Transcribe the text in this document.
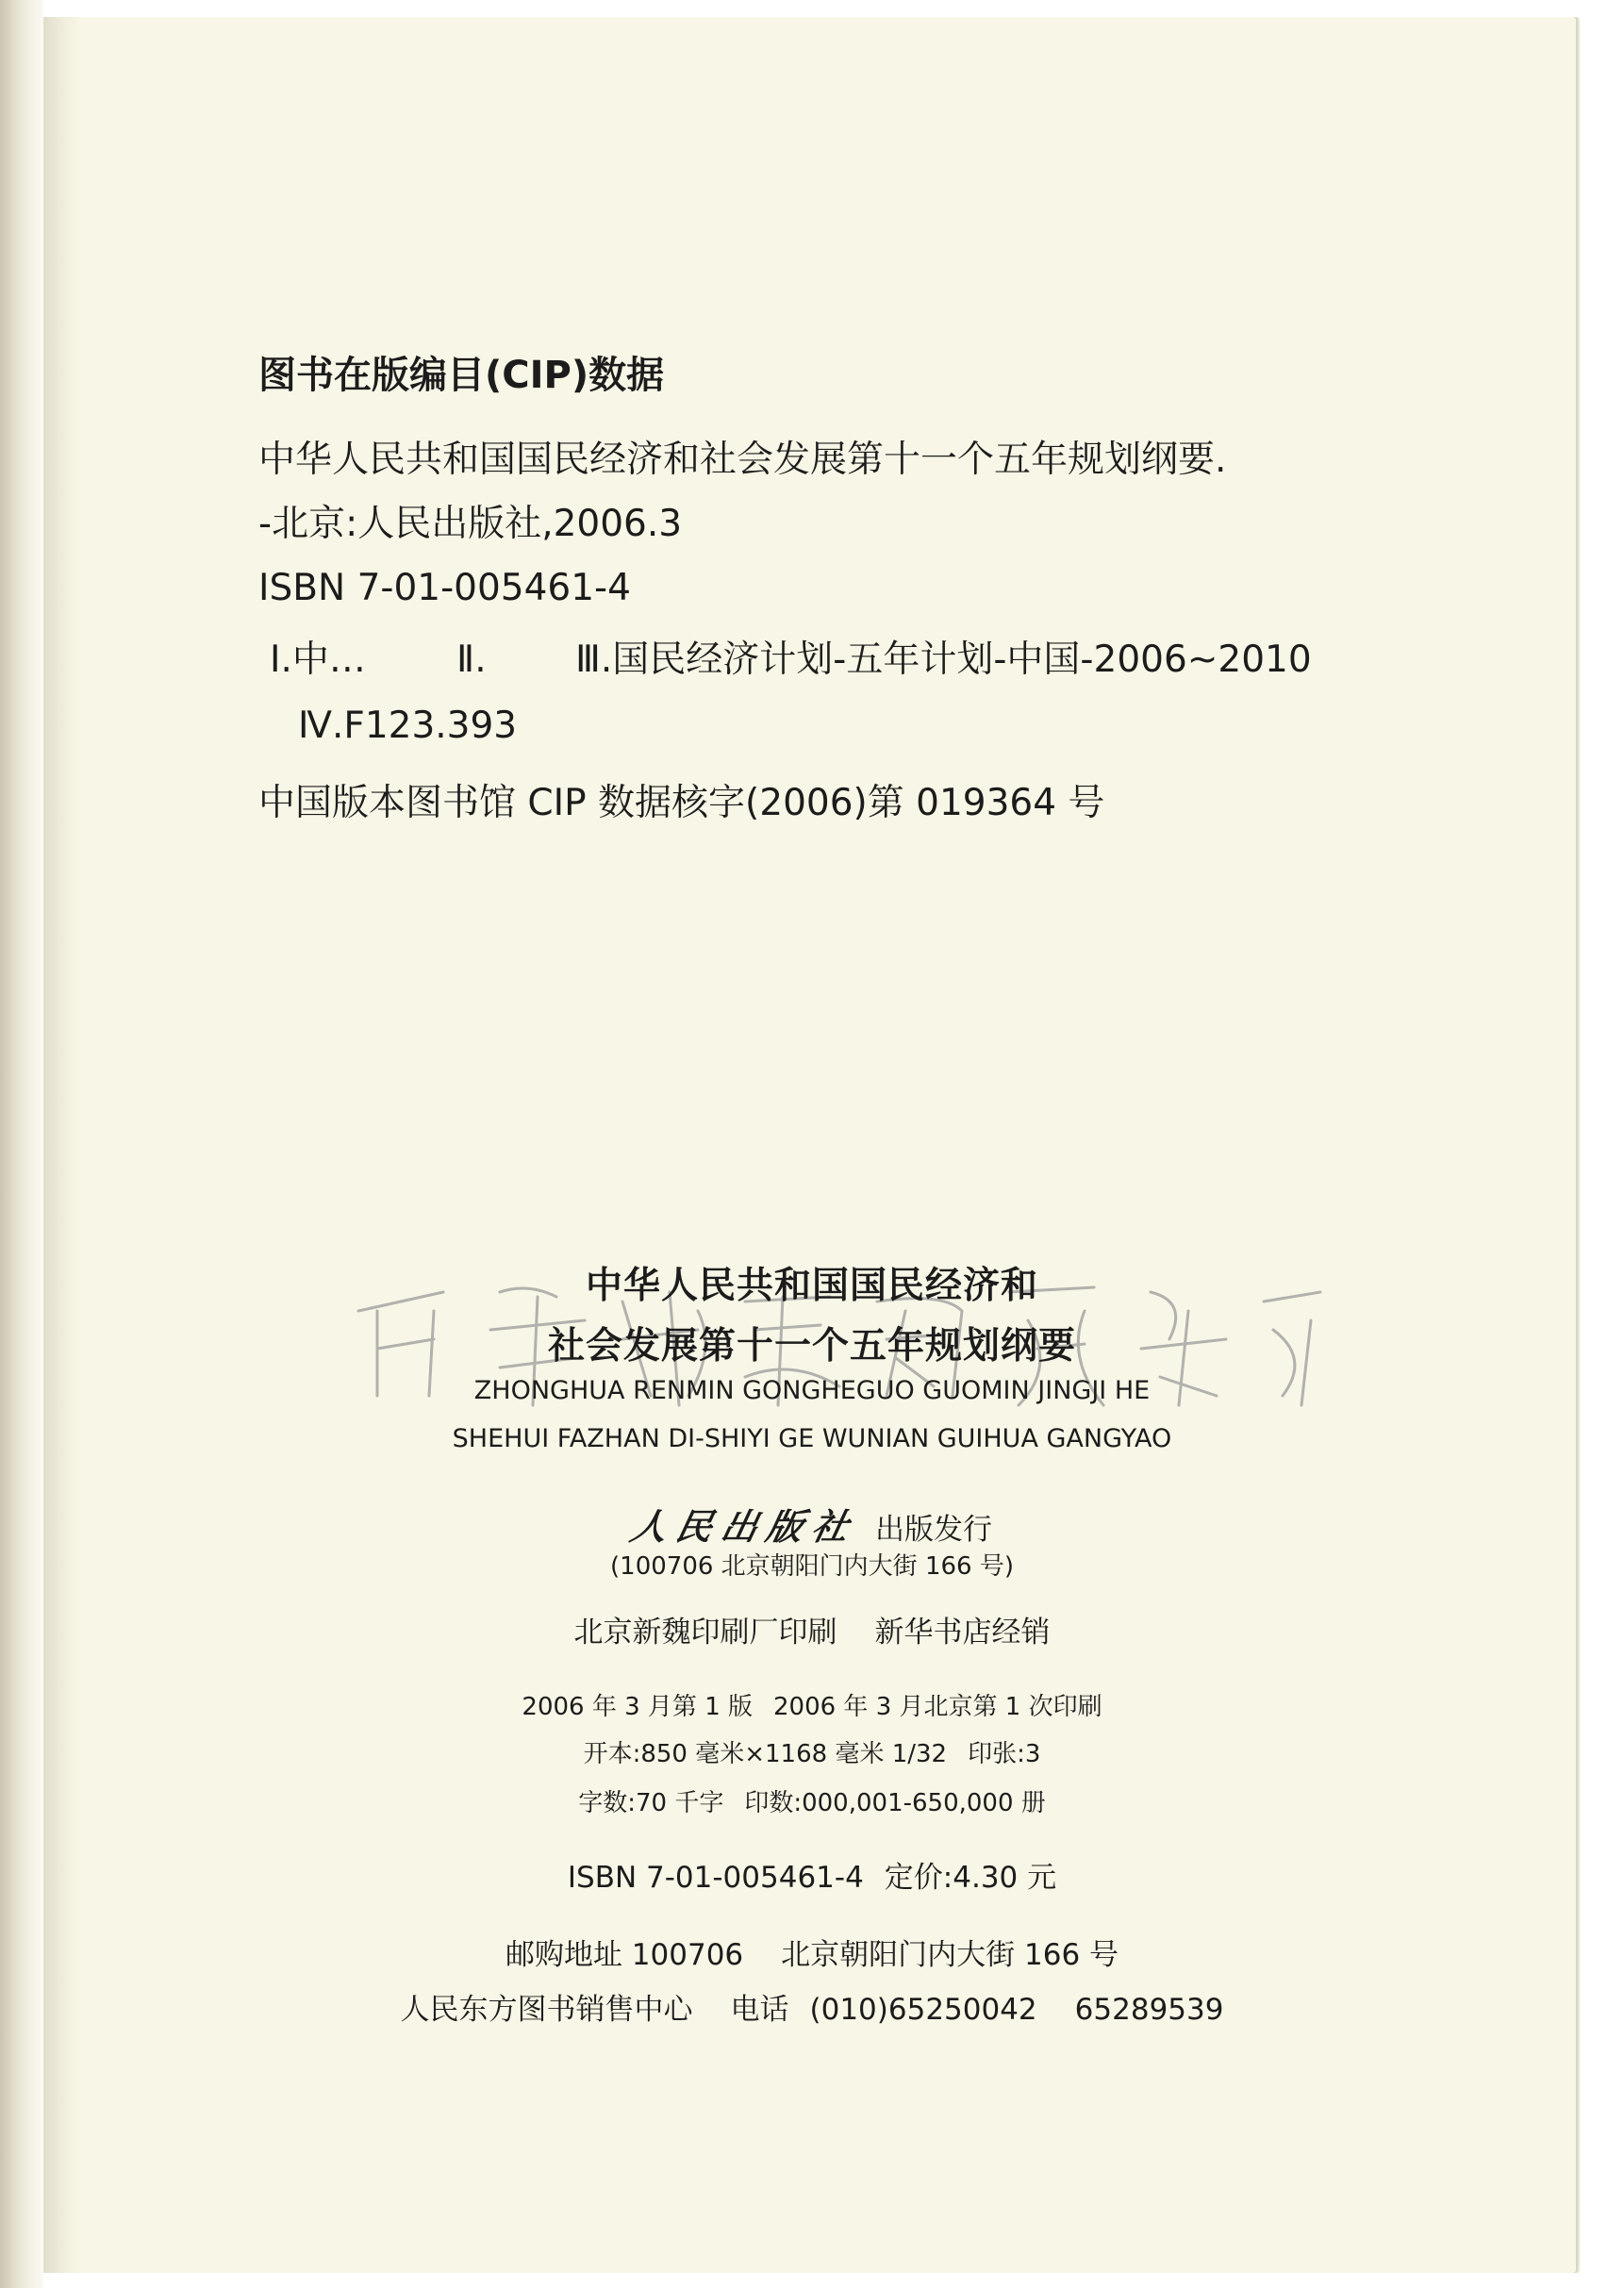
图书在版编目(CIP)数据
中华人民共和国国民经济和社会发展第十一个五年规划纲要.
-北京:人民出版社,2006.3
ISBN 7-01-005461-4
Ⅰ.中… Ⅱ. Ⅲ.国民经济计划-五年计划-中国-2006~2010
Ⅳ.F123.393
中国版本图书馆 CIP 数据核字(2006)第 019364 号
中华人民共和国国民经济和
社会发展第十一个五年规划纲要
ZHONGHUA RENMIN GONGHEGUO GUOMIN JINGJI HE
SHEHUI FAZHAN DI-SHIYI GE WUNIAN GUIHUA GANGYAO
人民出版社 出版发行
(100706 北京朝阳门内大街 166 号)
北京新魏印刷厂印刷 新华书店经销
2006 年 3 月第 1 版 2006 年 3 月北京第 1 次印刷
开本:850 毫米×1168 毫米 1/32 印张:3
字数:70 千字 印数:000,001-650,000 册
ISBN 7-01-005461-4 定价:4.30 元
邮购地址 100706 北京朝阳门内大街 166 号
人民东方图书销售中心 电话 (010)65250042 65289539
